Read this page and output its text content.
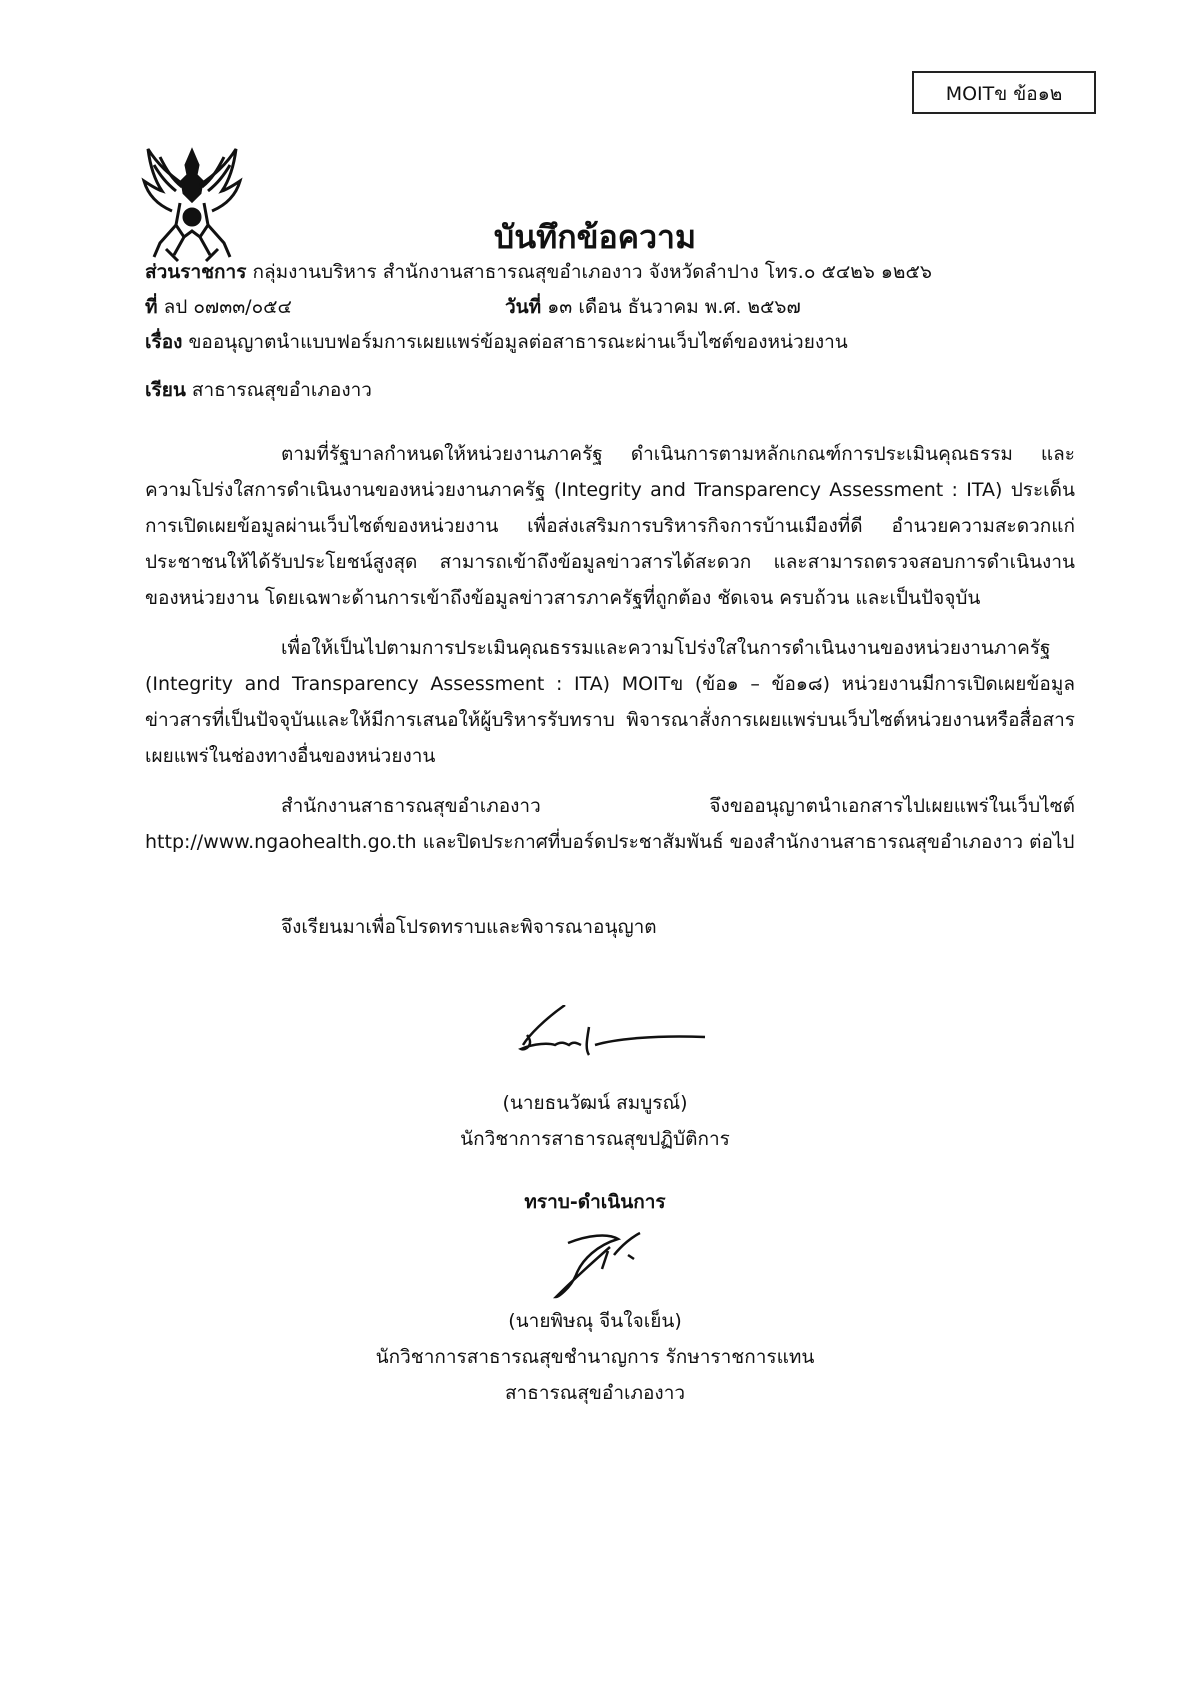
MOITข ข้อ๑๒
บันทึกข้อความ
ส่วนราชการ กลุ่มงานบริหาร สำนักงานสาธารณสุขอำเภองาว จังหวัดลำปาง โทร.๐ ๕๔๒๖ ๑๒๕๖
ที่ ลป ๐๗๓๓/๐๕๔	วันที่ ๑๓ เดือน ธันวาคม พ.ศ. ๒๕๖๗
เรื่อง ขออนุญาตนำแบบฟอร์มการเผยแพร่ข้อมูลต่อสาธารณะผ่านเว็บไซต์ของหน่วยงาน
เรียน สาธารณสุขอำเภองาว
ตามที่รัฐบาลกำหนดให้หน่วยงานภาครัฐ ดำเนินการตามหลักเกณฑ์การประเมินคุณธรรม และความโปร่งใสการดำเนินงานของหน่วยงานภาครัฐ (Integrity and Transparency Assessment : ITA) ประเด็นการเปิดเผยข้อมูลผ่านเว็บไซต์ของหน่วยงาน เพื่อส่งเสริมการบริหารกิจการบ้านเมืองที่ดี อำนวยความสะดวกแก่ประชาชนให้ได้รับประโยชน์สูงสุด สามารถเข้าถึงข้อมูลข่าวสารได้สะดวก และสามารถตรวจสอบการดำเนินงานของหน่วยงาน โดยเฉพาะด้านการเข้าถึงข้อมูลข่าวสารภาครัฐที่ถูกต้อง ชัดเจน ครบถ้วน และเป็นปัจจุบัน
เพื่อให้เป็นไปตามการประเมินคุณธรรมและความโปร่งใสในการดำเนินงานของหน่วยงานภาครัฐ (Integrity and Transparency Assessment : ITA) MOITข (ข้อ๑ – ข้อ๑๘) หน่วยงานมีการเปิดเผยข้อมูลข่าวสารที่เป็นปัจจุบันและให้มีการเสนอให้ผู้บริหารรับทราบ พิจารณาสั่งการเผยแพร่บนเว็บไซต์หน่วยงานหรือสื่อสารเผยแพร่ในช่องทางอื่นของหน่วยงาน
สำนักงานสาธารณสุขอำเภองาว จึงขออนุญาตนำเอกสารไปเผยแพร่ในเว็บไซต์ http://www.ngaohealth.go.th และปิดประกาศที่บอร์ดประชาสัมพันธ์ ของสำนักงานสาธารณสุขอำเภองาว ต่อไป
จึงเรียนมาเพื่อโปรดทราบและพิจารณาอนุญาต
(นายธนวัฒน์ สมบูรณ์)
นักวิชาการสาธารณสุขปฏิบัติการ
ทราบ-ดำเนินการ
(นายพิษณุ จีนใจเย็น)
นักวิชาการสาธารณสุขชำนาญการ รักษาราชการแทน
สาธารณสุขอำเภองาว
